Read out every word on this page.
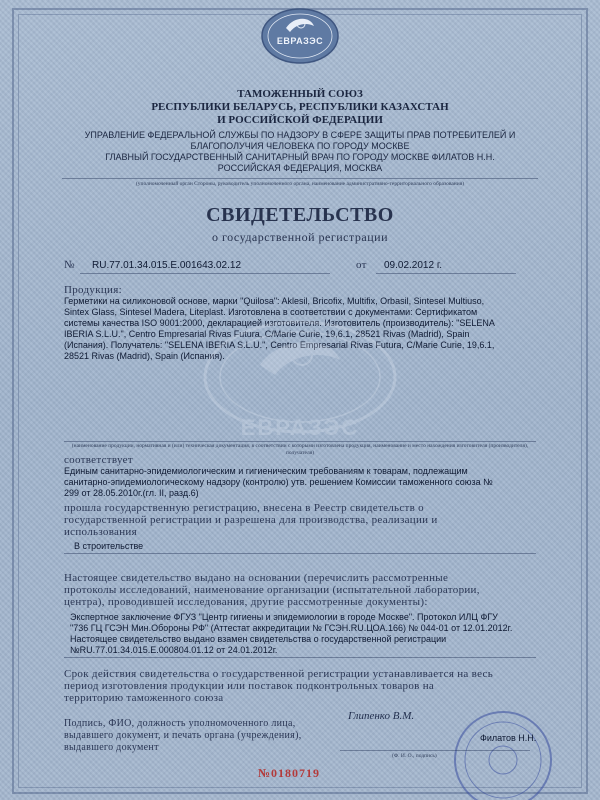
ЕВРАЗЭС
ТАМОЖЕННЫЙ СОЮЗ
РЕСПУБЛИКИ БЕЛАРУСЬ, РЕСПУБЛИКИ КАЗАХСТАН
И РОССИЙСКОЙ ФЕДЕРАЦИИ
УПРАВЛЕНИЕ ФЕДЕРАЛЬНОЙ СЛУЖБЫ ПО НАДЗОРУ В СФЕРЕ ЗАЩИТЫ ПРАВ ПОТРЕБИТЕЛЕЙ И
БЛАГОПОЛУЧИЯ ЧЕЛОВЕКА ПО ГОРОДУ МОСКВЕ
ГЛАВНЫЙ ГОСУДАРСТВЕННЫЙ САНИТАРНЫЙ ВРАЧ ПО ГОРОДУ МОСКВЕ ФИЛАТОВ Н.Н.
РОССИЙСКАЯ ФЕДЕРАЦИЯ, МОСКВА
(уполномоченный орган Стороны, руководитель уполномоченного органа, наименование административно-территориального образования)
СВИДЕТЕЛЬСТВО
о государственной регистрации
№ RU.77.01.34.015.Е.001643.02.12	от 09.02.2012 г.
Продукция:
Герметики на силиконовой основе, марки "Quilosa": Aklesil, Bricofix, Multifix, Orbasil, Sintesel Multiuso,
Sintex Glass, Sintesel Madera, Liteplast. Изготовлена в соответствии с документами: Сертификатом
системы качества ISO 9001:2000, декларацией изготовителя. Изготовитель (производитель): "SELENA
IBERIA S.L.U.", Centro Empresarial Rivas Futura, C/Marie Curie, 19,6.1, 28521 Rivas (Madrid), Spain
(Испания). Получатель: "SELENA IBERIA S.L.U.", Centro Empresarial Rivas Futura, C/Marie Curie, 19,6.1,
28521 Rivas (Madrid), Spain (Испания).
ЕВРАЗЭС
(наименование продукции, нормативная и (или) техническая документация, в соответствии с которыми изготовлена продукция, наименование и место нахождения изготовителя (производителя), получателя)
соответствует
Единым санитарно-эпидемиологическим и гигиеническим требованиям к товарам, подлежащим
санитарно-эпидемиологическому надзору (контролю) утв. решением Комиссии таможенного союза №
299 от 28.05.2010г.(гл. II, разд.6)
прошла государственную регистрацию, внесена в Реестр свидетельств о
государственной регистрации и разрешена для производства, реализации и
использования
В строительстве
Настоящее свидетельство выдано на основании (перечислить рассмотренные
протоколы исследований, наименование организации (испытательной лаборатории,
центра), проводившей исследования, другие рассмотренные документы):
Экспертное заключение ФГУЗ "Центр гигиены и эпидемиологии в городе Москве". Протокол ИЛЦ ФГУ
"736 ГЦ ГСЭН Мин.Обороны РФ" (Аттестат аккредитации № ГСЭН.RU.ЦОА.166) № 044-01 от 12.01.2012г.
Настоящее свидетельство выдано взамен свидетельства о государственной регистрации
№RU.77.01.34.015.Е.000804.01.12 от 24.01.2012г.
Срок действия свидетельства о государственной регистрации устанавливается на весь
период изготовления продукции или поставок подконтрольных товаров на
территорию таможенного союза
Подпись, ФИО, должность уполномоченного лица,
выдавшего документ, и печать органа (учреждения),
выдавшего документ
Глипенко В.М.
Филатов Н.Н.
(Ф. И. О., подпись)
№0180719
